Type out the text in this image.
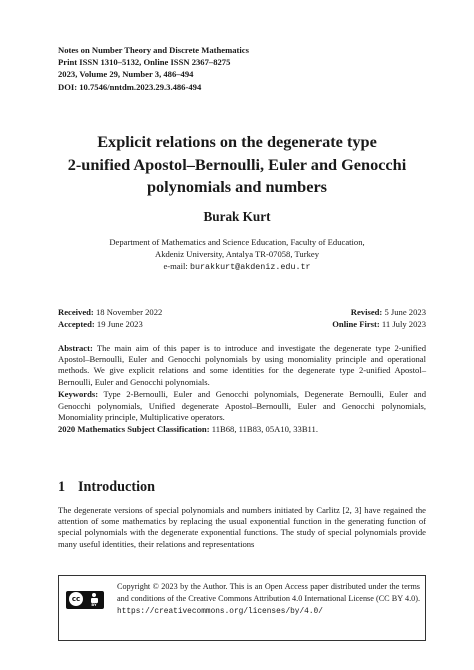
Notes on Number Theory and Discrete Mathematics
Print ISSN 1310–5132, Online ISSN 2367–8275
2023, Volume 29, Number 3, 486–494
DOI: 10.7546/nntdm.2023.29.3.486-494
Explicit relations on the degenerate type
2-unified Apostol–Bernoulli, Euler and Genocchi
polynomials and numbers
Burak Kurt
Department of Mathematics and Science Education, Faculty of Education,
Akdeniz University, Antalya TR-07058, Turkey
e-mail: burakkurt@akdeniz.edu.tr
Received: 18 November 2022	Revised: 5 June 2023
Accepted: 19 June 2023	Online First: 11 July 2023

Abstract: The main aim of this paper is to introduce and investigate the degenerate type 2-unified Apostol–Bernoulli, Euler and Genocchi polynomials by using monomiality principle and operational methods. We give explicit relations and some identities for the degenerate type 2-unified Apostol–Bernoulli, Euler and Genocchi polynomials.

Keywords: Type 2-Bernoulli, Euler and Genocchi polynomials, Degenerate Bernoulli, Euler and Genocchi polynomials, Unified degenerate Apostol–Bernoulli, Euler and Genocchi polynomials, Monomiality principle, Multiplicative operators.

2020 Mathematics Subject Classification: 11B68, 11B83, 05A10, 33B11.

1 Introduction

The degenerate versions of special polynomials and numbers initiated by Carlitz [2, 3] have regained the attention of some mathematics by replacing the usual exponential function in the generating function of special polynomials with the degenerate exponential functions. The study of special polynomials provide many useful identities, their relations and representations

cc
BY
Copyright © 2023 by the Author. This is an Open Access paper distributed under the terms and conditions of the Creative Commons Attribution 4.0 International License (CC BY 4.0). https://creativecommons.org/licenses/by/4.0/
